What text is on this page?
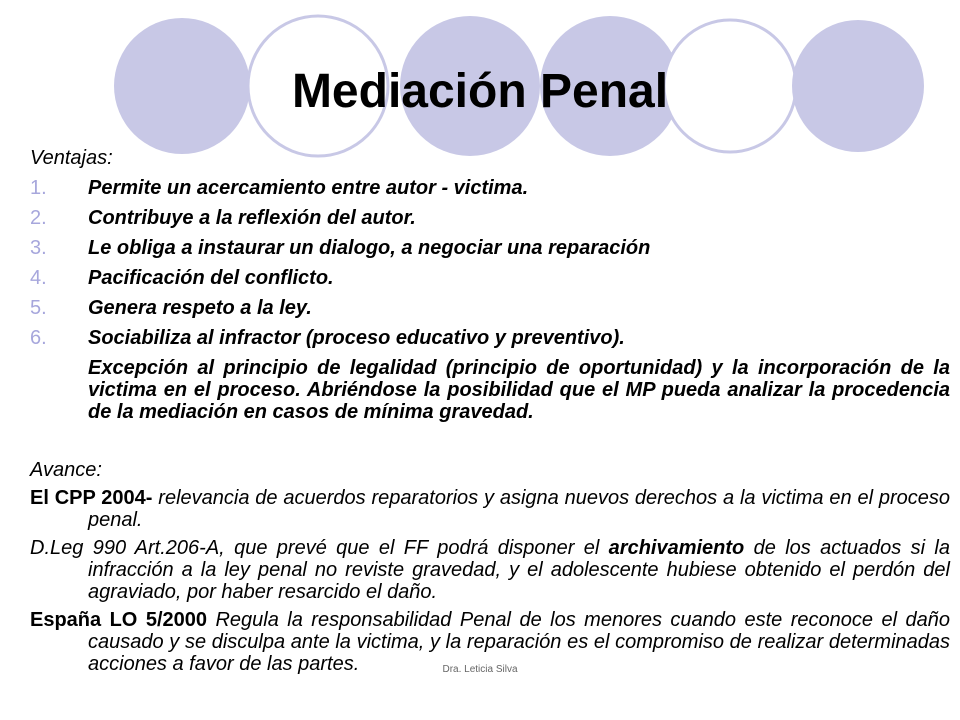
Mediación Penal
Ventajas:
1.	Permite un acercamiento entre autor - victima.
2.	Contribuye a la reflexión del autor.
3.	Le obliga a instaurar un dialogo, a negociar una reparación
4.	Pacificación del conflicto.
5.	Genera respeto a la ley.
6.	Sociabiliza al infractor (proceso educativo y preventivo).
Excepción al principio de legalidad (principio de oportunidad) y la incorporación de la victima en el proceso. Abriéndose la posibilidad que el MP pueda analizar la procedencia de la mediación en casos de mínima gravedad.
Avance:
El CPP 2004- relevancia de acuerdos reparatorios y asigna nuevos derechos a la victima en el proceso penal.
D.Leg 990 Art.206-A, que prevé que el FF podrá disponer el archivamiento de los actuados si la infracción a la ley penal no reviste gravedad, y el adolescente hubiese obtenido el perdón del agraviado, por haber resarcido el daño.
España LO 5/2000 Regula la responsabilidad Penal de los menores cuando este reconoce el daño causado y se disculpa ante la victima, y la reparación es el compromiso de realizar determinadas acciones a favor de las partes.	Dra. Leticia Silva
